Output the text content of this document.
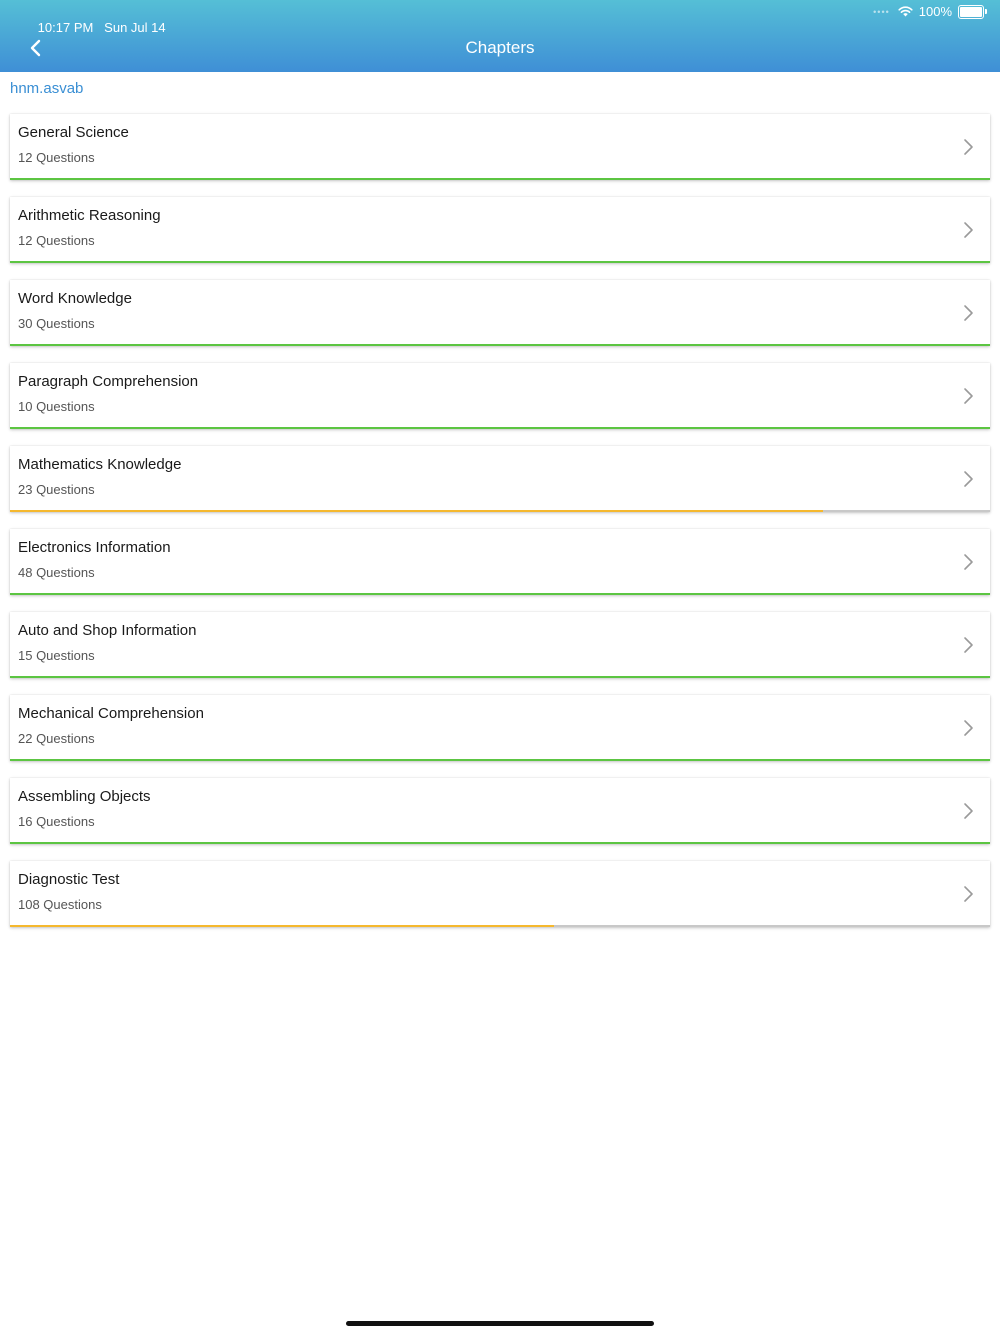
10:17 PM Sun Jul 14

•••• 100%
Chapters
hnm.asvab
General Science
12 Questions
Arithmetic Reasoning
12 Questions
Word Knowledge
30 Questions
Paragraph Comprehension
10 Questions
Mathematics Knowledge
23 Questions
Electronics Information
48 Questions
Auto and Shop Information
15 Questions
Mechanical Comprehension
22 Questions
Assembling Objects
16 Questions
Diagnostic Test
108 Questions
